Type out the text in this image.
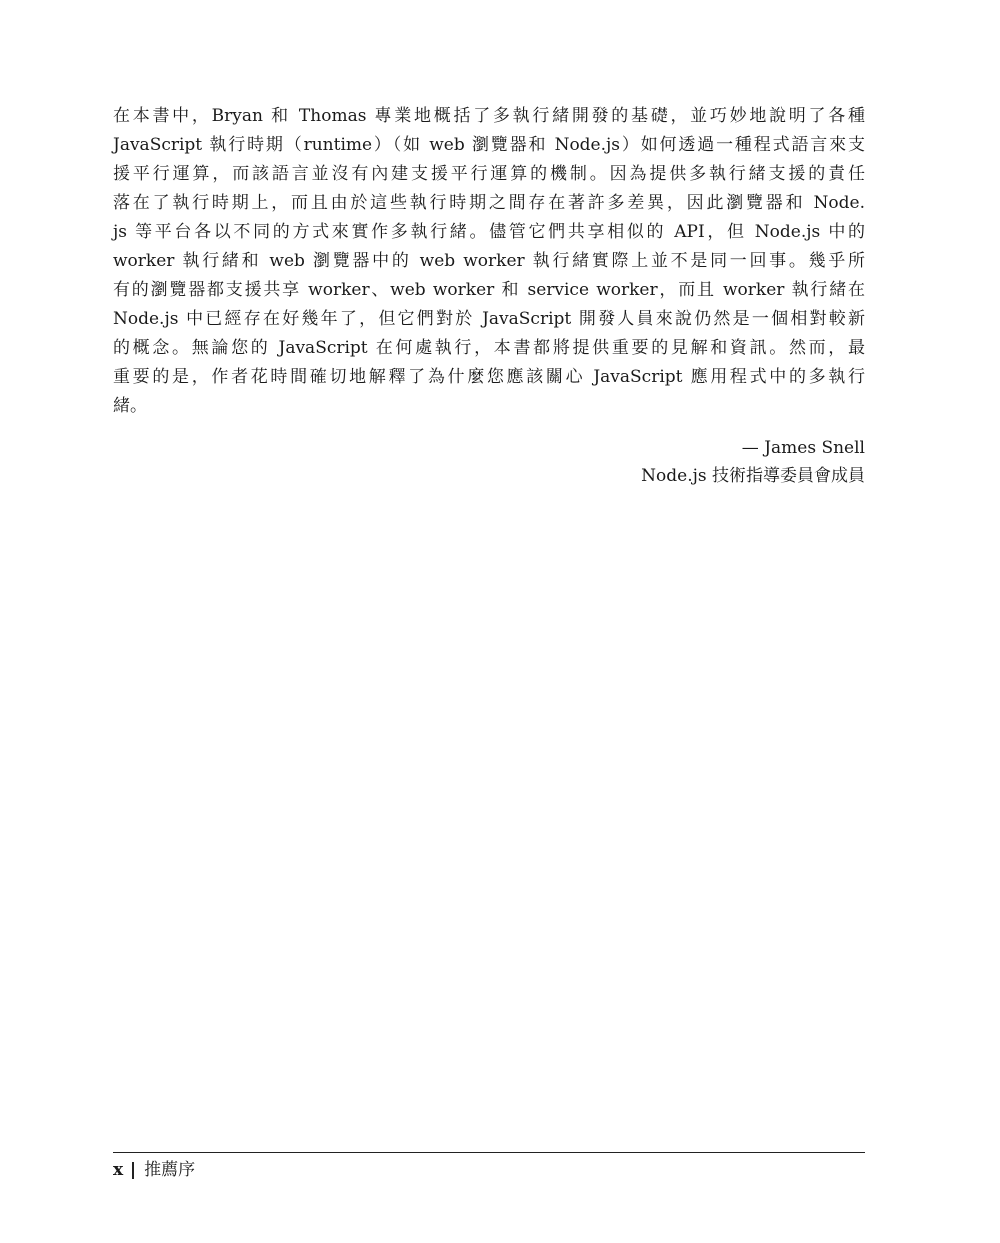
在本書中，Bryan 和 Thomas 專業地概括了多執行緒開發的基礎，並巧妙地說明了各種
JavaScript 執行時期（runtime）（如 web 瀏覽器和 Node.js）如何透過一種程式語言來支
援平行運算，而該語言並沒有內建支援平行運算的機制。因為提供多執行緒支援的責任
落在了執行時期上，而且由於這些執行時期之間存在著許多差異，因此瀏覽器和 Node.
js 等平台各以不同的方式來實作多執行緒。儘管它們共享相似的 API，但 Node.js 中的
worker 執行緒和 web 瀏覽器中的 web worker 執行緒實際上並不是同一回事。幾乎所
有的瀏覽器都支援共享 worker、web worker 和 service worker，而且 worker 執行緒在
Node.js 中已經存在好幾年了，但它們對於 JavaScript 開發人員來說仍然是一個相對較新
的概念。無論您的 JavaScript 在何處執行，本書都將提供重要的見解和資訊。然而，最
重要的是，作者花時間確切地解釋了為什麼您應該關心 JavaScript 應用程式中的多執行
緒。
— James Snell
Node.js 技術指導委員會成員
x 推薦序
